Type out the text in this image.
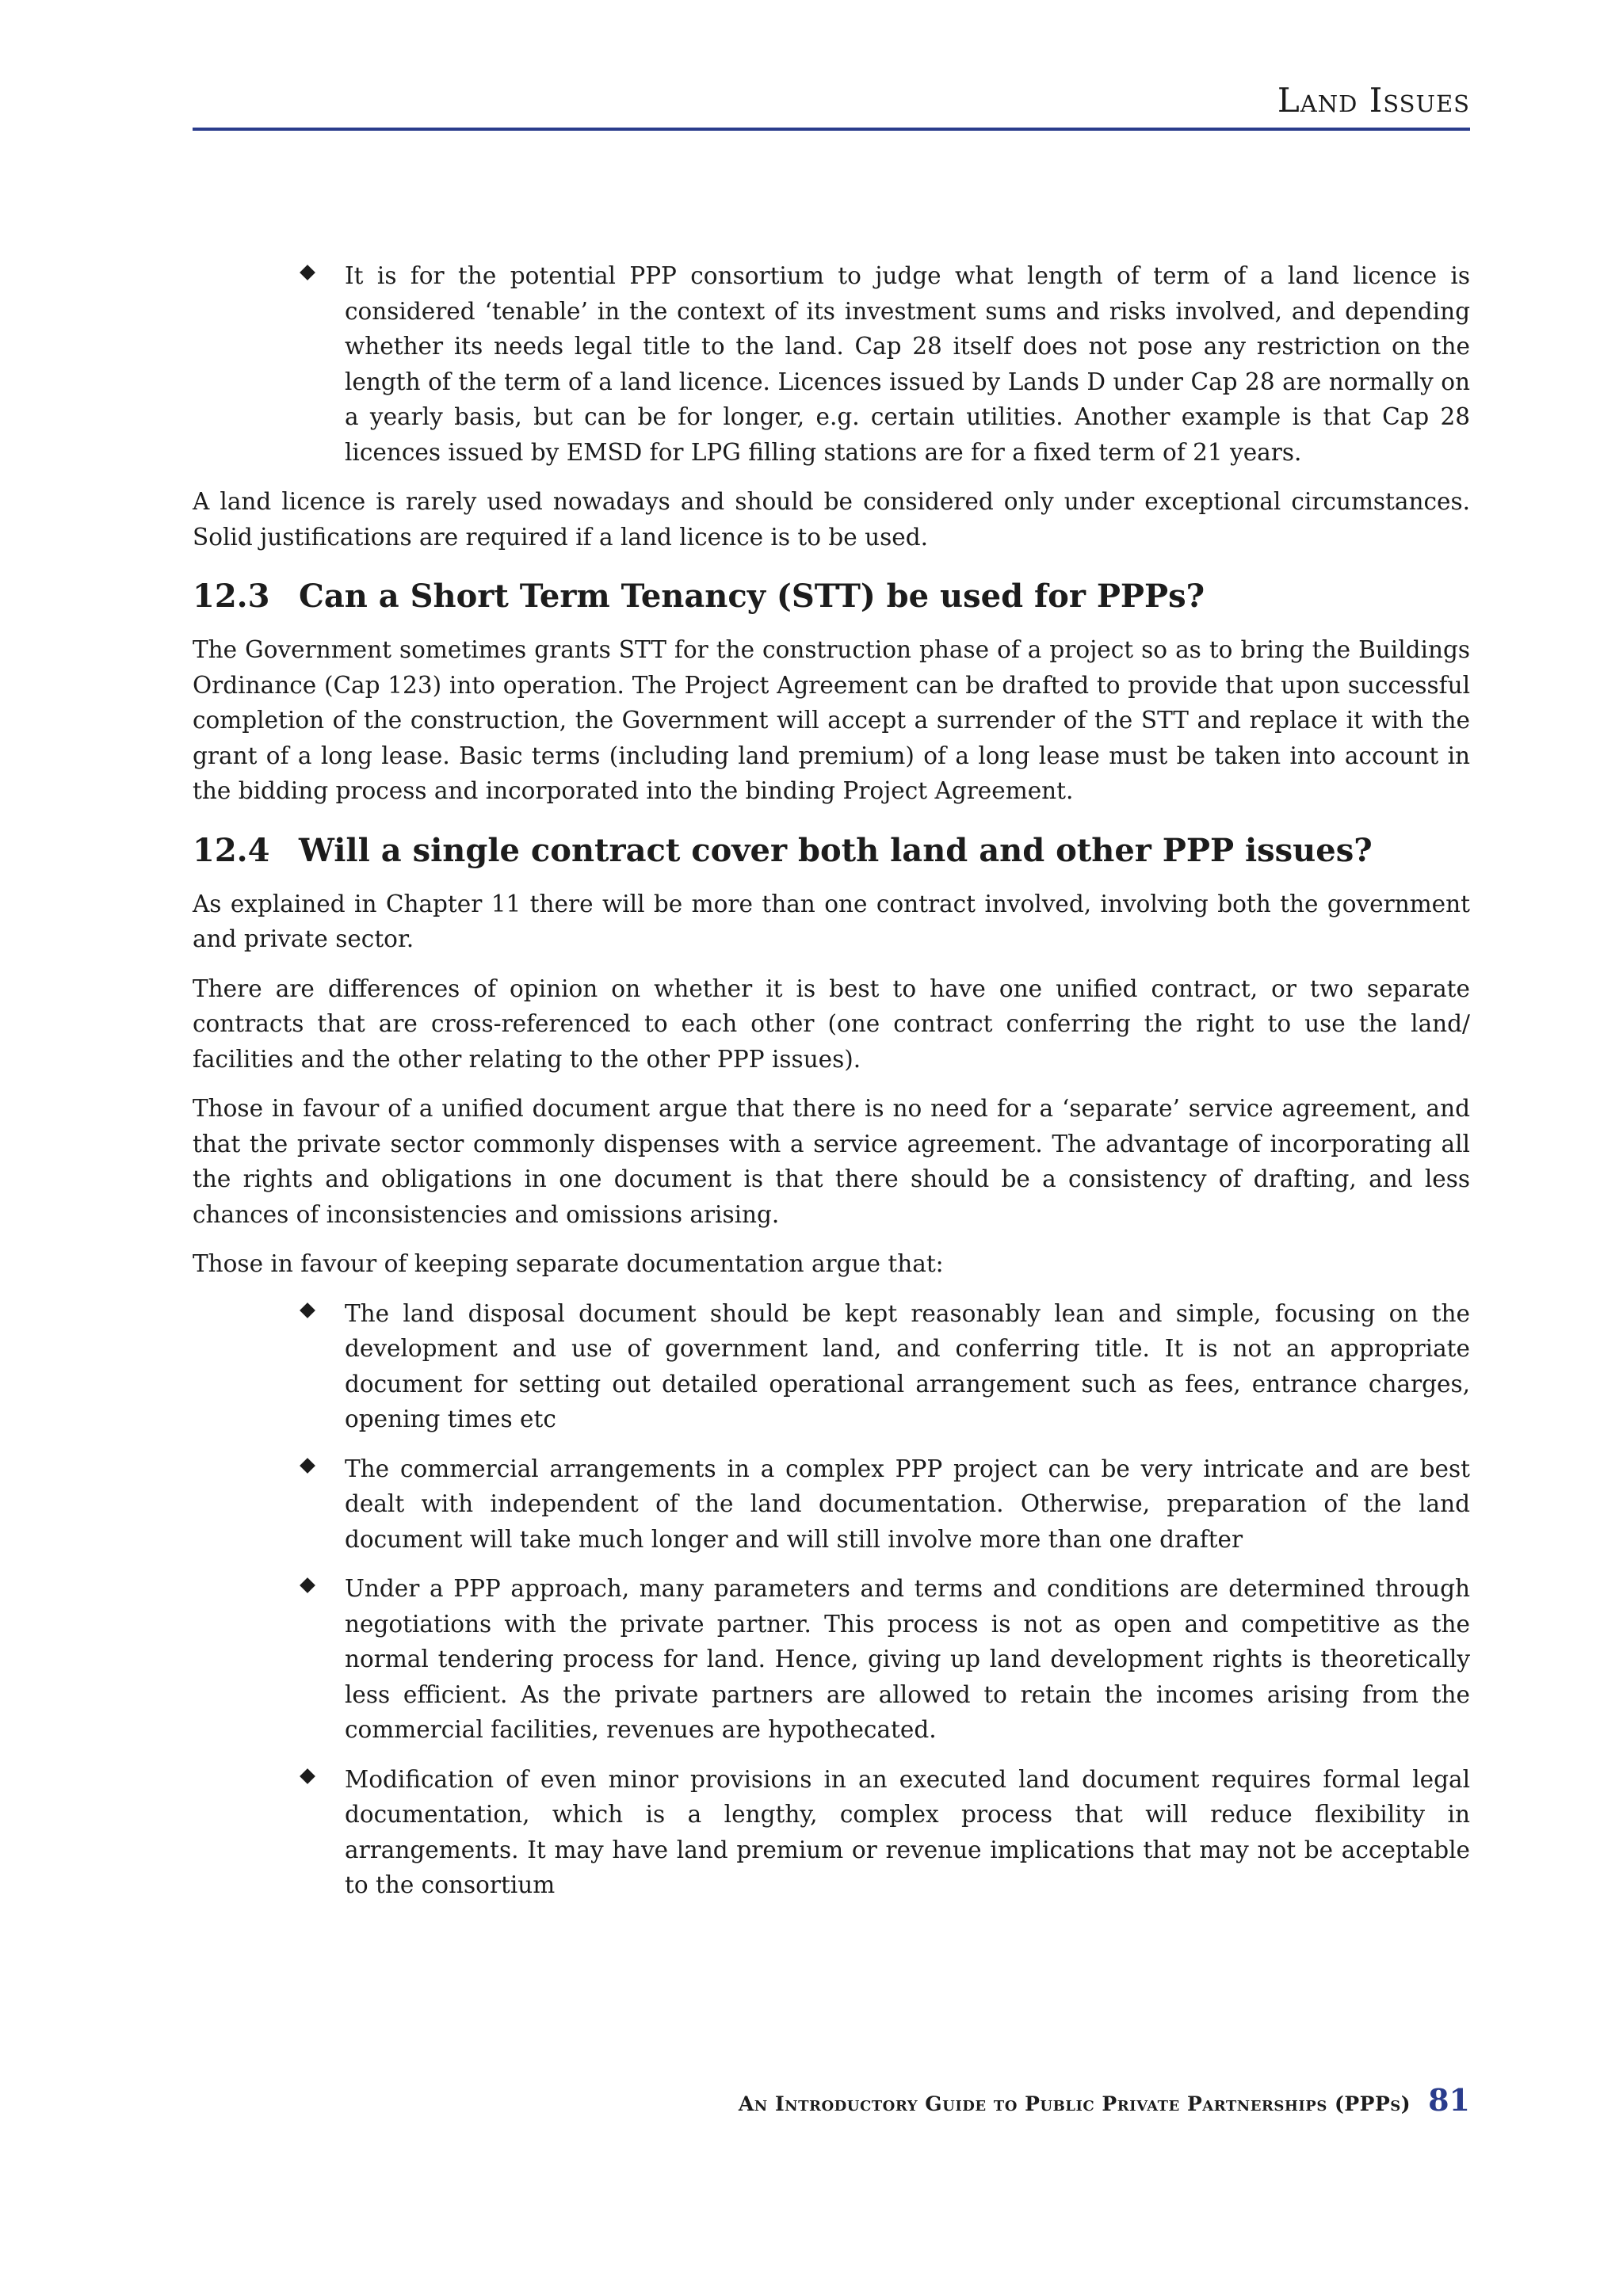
Land Issues
It is for the potential PPP consortium to judge what length of term of a land licence is considered ‘tenable’ in the context of its investment sums and risks involved, and depending whether its needs legal title to the land. Cap 28 itself does not pose any restriction on the length of the term of a land licence. Licences issued by Lands D under Cap 28 are normally on a yearly basis, but can be for longer, e.g. certain utilities. Another example is that Cap 28 licences issued by EMSD for LPG filling stations are for a fixed term of 21 years.

A land licence is rarely used nowadays and should be considered only under exceptional circumstances. Solid justifications are required if a land licence is to be used.

12.3 Can a Short Term Tenancy (STT) be used for PPPs?

The Government sometimes grants STT for the construction phase of a project so as to bring the Buildings Ordinance (Cap 123) into operation. The Project Agreement can be drafted to provide that upon successful completion of the construction, the Government will accept a surrender of the STT and replace it with the grant of a long lease. Basic terms (including land premium) of a long lease must be taken into account in the bidding process and incorporated into the binding Project Agreement.

12.4 Will a single contract cover both land and other PPP issues?

As explained in Chapter 11 there will be more than one contract involved, involving both the government and private sector.

There are differences of opinion on whether it is best to have one unified contract, or two separate contracts that are cross-referenced to each other (one contract conferring the right to use the land/ facilities and the other relating to the other PPP issues).

Those in favour of a unified document argue that there is no need for a ‘separate’ service agreement, and that the private sector commonly dispenses with a service agreement. The advantage of incorporating all the rights and obligations in one document is that there should be a consistency of drafting, and less chances of inconsistencies and omissions arising.

Those in favour of keeping separate documentation argue that:

The land disposal document should be kept reasonably lean and simple, focusing on the development and use of government land, and conferring title. It is not an appropriate document for setting out detailed operational arrangement such as fees, entrance charges, opening times etc
The commercial arrangements in a complex PPP project can be very intricate and are best dealt with independent of the land documentation. Otherwise, preparation of the land document will take much longer and will still involve more than one drafter
Under a PPP approach, many parameters and terms and conditions are determined through negotiations with the private partner. This process is not as open and competitive as the normal tendering process for land. Hence, giving up land development rights is theoretically less efficient. As the private partners are allowed to retain the incomes arising from the commercial facilities, revenues are hypothecated.
Modification of even minor provisions in an executed land document requires formal legal documentation, which is a lengthy, complex process that will reduce flexibility in arrangements. It may have land premium or revenue implications that may not be acceptable to the consortium
An Introductory Guide to Public Private Partnerships (PPPs) 81
